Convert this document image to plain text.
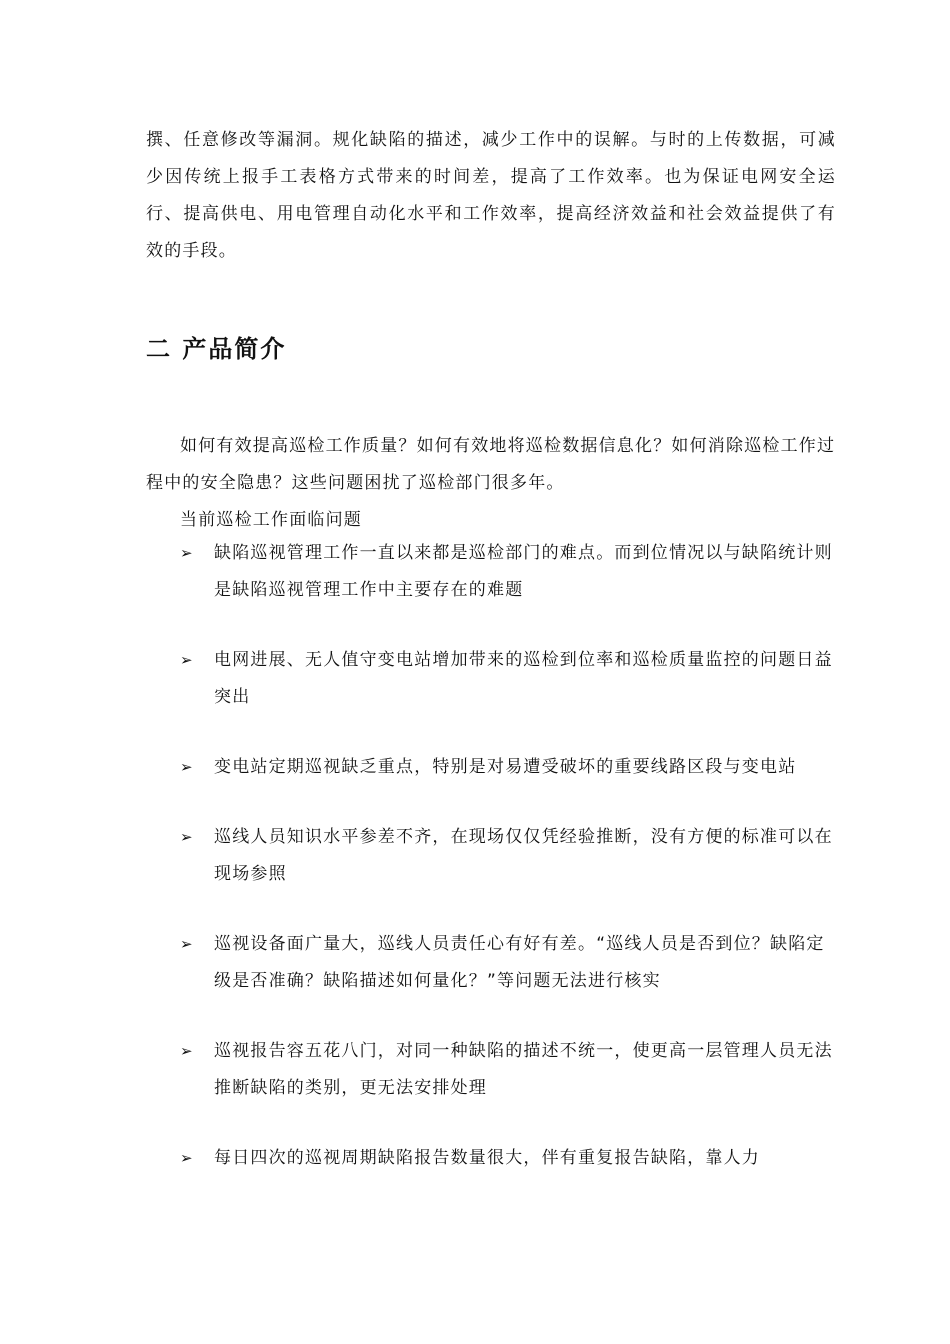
撰、任意修改等漏洞。规化缺陷的描述，减少工作中的误解。与时的上传数据，可减少因传统上报手工表格方式带来的时间差，提高了工作效率。也为保证电网安全运行、提高供电、用电管理自动化水平和工作效率，提高经济效益和社会效益提供了有效的手段。

二 产品简介

如何有效提高巡检工作质量？如何有效地将巡检数据信息化？如何消除巡检工作过程中的安全隐患？这些问题困扰了巡检部门很多年。

当前巡检工作面临问题

➢ 缺陷巡视管理工作一直以来都是巡检部门的难点。而到位情况以与缺陷统计则是缺陷巡视管理工作中主要存在的难题
➢ 电网进展、无人值守变电站增加带来的巡检到位率和巡检质量监控的问题日益突出
➢ 变电站定期巡视缺乏重点，特别是对易遭受破坏的重要线路区段与变电站
➢ 巡线人员知识水平参差不齐，在现场仅仅凭经验推断，没有方便的标准可以在现场参照
➢ 巡视设备面广量大，巡线人员责任心有好有差。“巡线人员是否到位？缺陷定级是否准确？缺陷描述如何量化？”等问题无法进行核实
➢ 巡视报告容五花八门，对同一种缺陷的描述不统一，使更高一层管理人员无法推断缺陷的类别，更无法安排处理
➢ 每日四次的巡视周期缺陷报告数量很大，伴有重复报告缺陷，靠人力
